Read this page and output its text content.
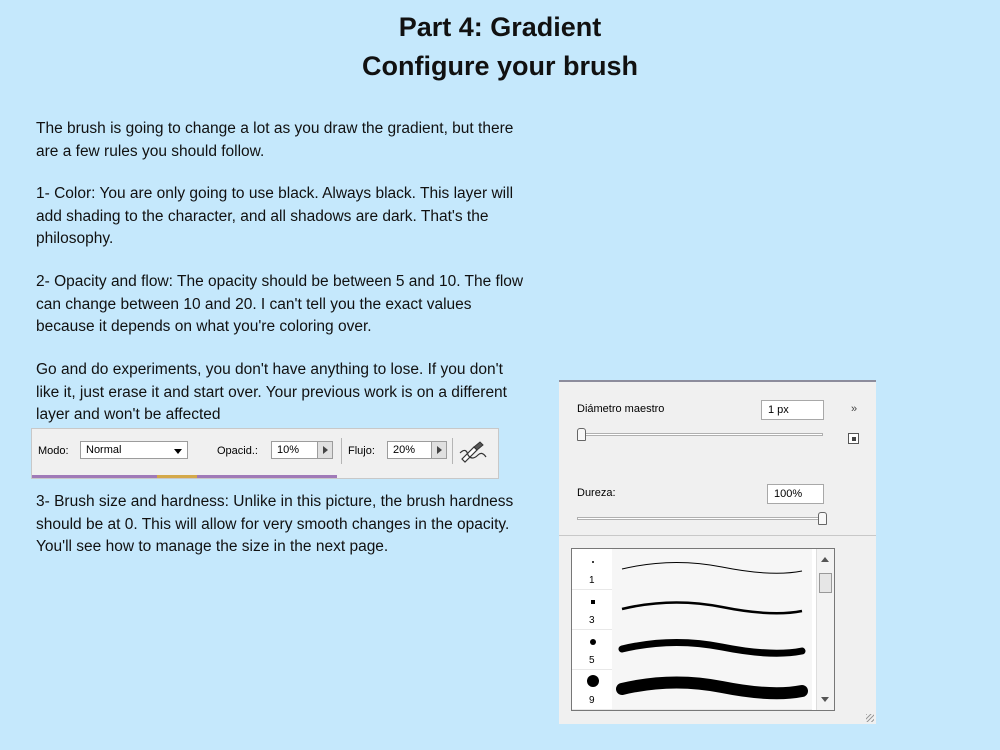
Part 4: Gradient
Configure your brush

The brush is going to change a lot as you draw the gradient, but there are a few rules you should follow.

1- Color: You are only going to use black. Always black. This layer will add shading to the character, and all shadows are dark. That's the philosophy.

2- Opacity and flow: The opacity should be between 5 and 10. The flow can change between 10 and 20. I can't tell you the exact values because it depends on what you're coloring over.

Go and do experiments, you don't have anything to lose. If you don't like it, just erase it and start over. Your previous work is on a different layer and won't be affected

3- Brush size and hardness: Unlike in this picture, the brush hardness should be at 0. This will allow for very smooth changes in the opacity. You'll see how to manage the size in the next page.

Modo:	Normal	Opacid.:	10%	Flujo:	20%
Diámetro maestro	1 px	»
Dureza:	100%
1
3
5
9
